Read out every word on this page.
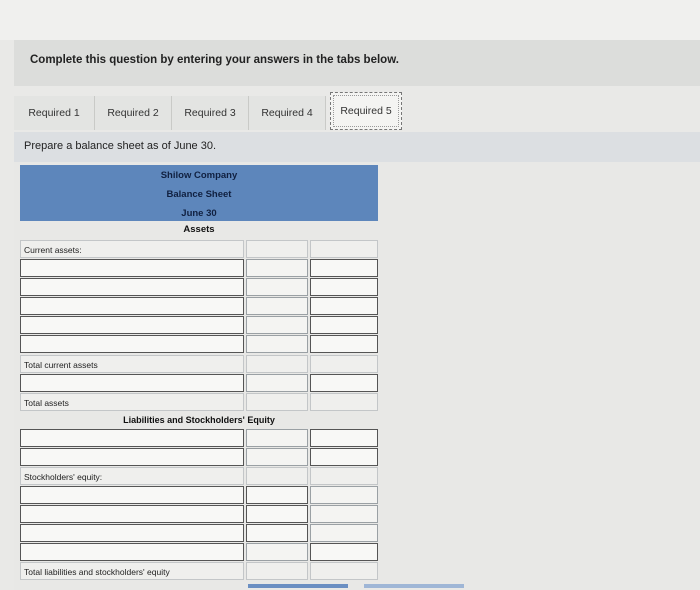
Complete this question by entering your answers in the tabs below.
Required 1	Required 2	Required 3	Required 4	Required 5
Prepare a balance sheet as of June 30.
Shilow Company
Balance Sheet
June 30
Assets
Current assets:
Total current assets
Total assets
Liabilities and Stockholders' Equity
Stockholders' equity:
Total liabilities and stockholders' equity
